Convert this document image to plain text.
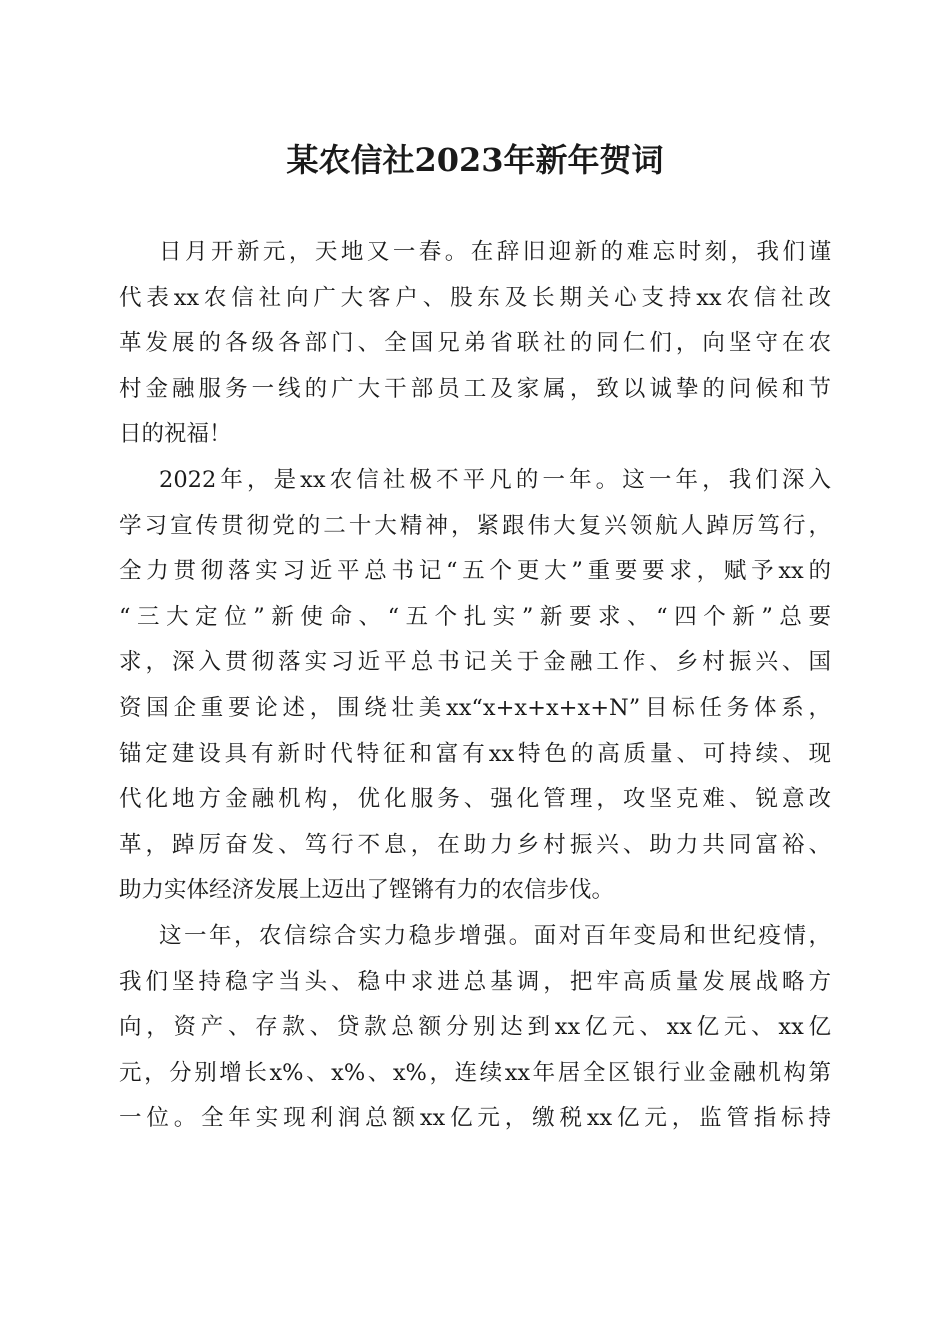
某农信社2023年新年贺词
日月开新元，天地又一春。在辞旧迎新的难忘时刻，我们谨
代表xx农信社向广大客户、股东及长期关心支持xx农信社改
革发展的各级各部门、全国兄弟省联社的同仁们，向坚守在农
村金融服务一线的广大干部员工及家属，致以诚挚的问候和节
日的祝福！
2022年，是xx农信社极不平凡的一年。这一年，我们深入
学习宣传贯彻党的二十大精神，紧跟伟大复兴领航人踔厉笃行，
全力贯彻落实习近平总书记“五个更大”重要要求，赋予xx的
“三大定位”新使命、“五个扎实”新要求、“四个新”总要
求，深入贯彻落实习近平总书记关于金融工作、乡村振兴、国
资国企重要论述，围绕壮美xx“x+x+x+x+N”目标任务体系，
锚定建设具有新时代特征和富有xx特色的高质量、可持续、现
代化地方金融机构，优化服务、强化管理，攻坚克难、锐意改
革，踔厉奋发、笃行不息，在助力乡村振兴、助力共同富裕、
助力实体经济发展上迈出了铿锵有力的农信步伐。
这一年，农信综合实力稳步增强。面对百年变局和世纪疫情，
我们坚持稳字当头、稳中求进总基调，把牢高质量发展战略方
向，资产、存款、贷款总额分别达到xx亿元、xx亿元、xx亿
元，分别增长x%、x%、x%，连续xx年居全区银行业金融机构第
一位。全年实现利润总额xx亿元，缴税xx亿元，监管指标持
